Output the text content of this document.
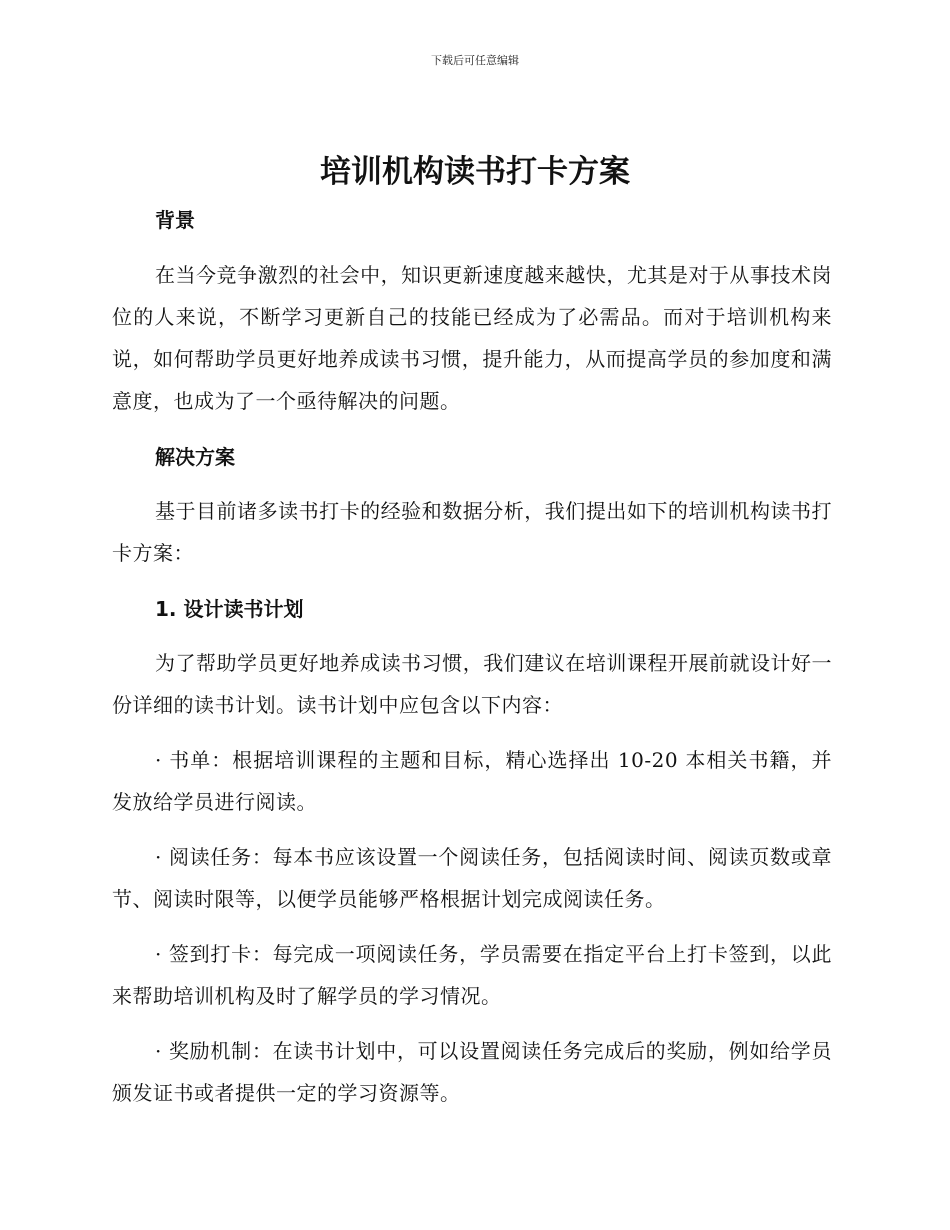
下载后可任意编辑
培训机构读书打卡方案
背景

在当今竞争激烈的社会中，知识更新速度越来越快，尤其是对于从事技术岗位的人来说，不断学习更新自己的技能已经成为了必需品。而对于培训机构来说，如何帮助学员更好地养成读书习惯，提升能力，从而提高学员的参加度和满意度，也成为了一个亟待解决的问题。

解决方案

基于目前诸多读书打卡的经验和数据分析，我们提出如下的培训机构读书打卡方案：

1. 设计读书计划

为了帮助学员更好地养成读书习惯，我们建议在培训课程开展前就设计好一份详细的读书计划。读书计划中应包含以下内容：

· 书单：根据培训课程的主题和目标，精心选择出 10-20 本相关书籍，并发放给学员进行阅读。

· 阅读任务：每本书应该设置一个阅读任务，包括阅读时间、阅读页数或章节、阅读时限等，以便学员能够严格根据计划完成阅读任务。

· 签到打卡：每完成一项阅读任务，学员需要在指定平台上打卡签到，以此来帮助培训机构及时了解学员的学习情况。

· 奖励机制：在读书计划中，可以设置阅读任务完成后的奖励，例如给学员颁发证书或者提供一定的学习资源等。
